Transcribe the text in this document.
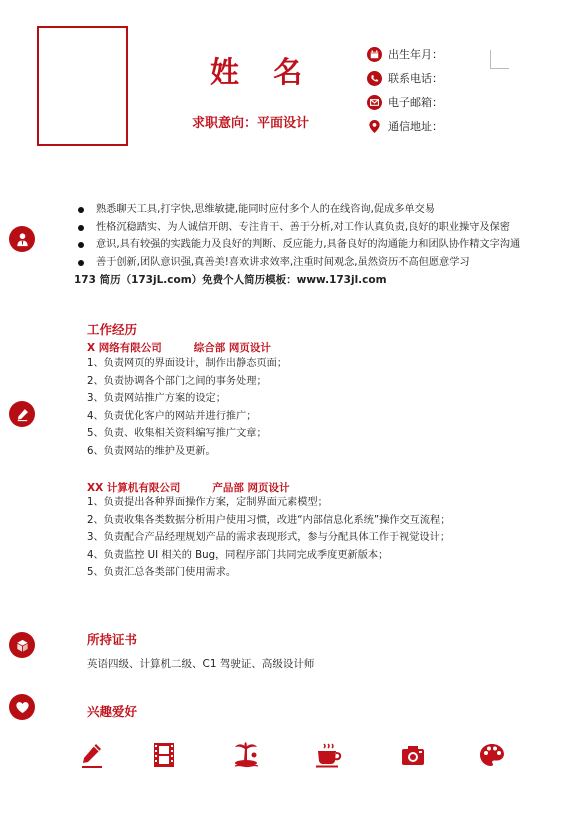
姓 名
求职意向：平面设计
出生年月：
联系电话：
电子邮箱：
通信地址：
熟悉聊天工具,打字快,思维敏捷,能同时应付多个人的在线咨询,促成多单交易
性格沉稳踏实、为人诚信开朗、专注肯干、善于分析,对工作认真负责,良好的职业操守及保密
意识,具有较强的实践能力及良好的判断、反应能力,具备良好的沟通能力和团队协作精文字沟通
善于创新,团队意识强,真善美!喜欢讲求效率,注重时间观念,虽然资历不高但愿意学习
173 简历（173jL.com）免费个人简历模板：www.173jl.com
工作经历
X 网络有限公司	综合部 网页设计
1、负责网页的界面设计，制作出静态页面；
2、负责协调各个部门之间的事务处理；
3、负责网站推广方案的设定；
4、负责优化客户的网站并进行推广；
5、负责、收集相关资料编写推广文章；
6、负责网站的维护及更新。
XX 计算机有限公司	产品部 网页设计
1、负责提出各种界面操作方案，定制界面元素模型；
2、负责收集各类数据分析用户使用习惯，改进“内部信息化系统”操作交互流程；
3、负责配合产品经理规划产品的需求表现形式，参与分配具体工作于视觉设计；
4、负责监控 UI 相关的 Bug，同程序部门共同完成季度更新版本；
5、负责汇总各类部门使用需求。
所持证书
英语四级、计算机二级、C1 驾驶证、高级设计师
兴趣爱好
